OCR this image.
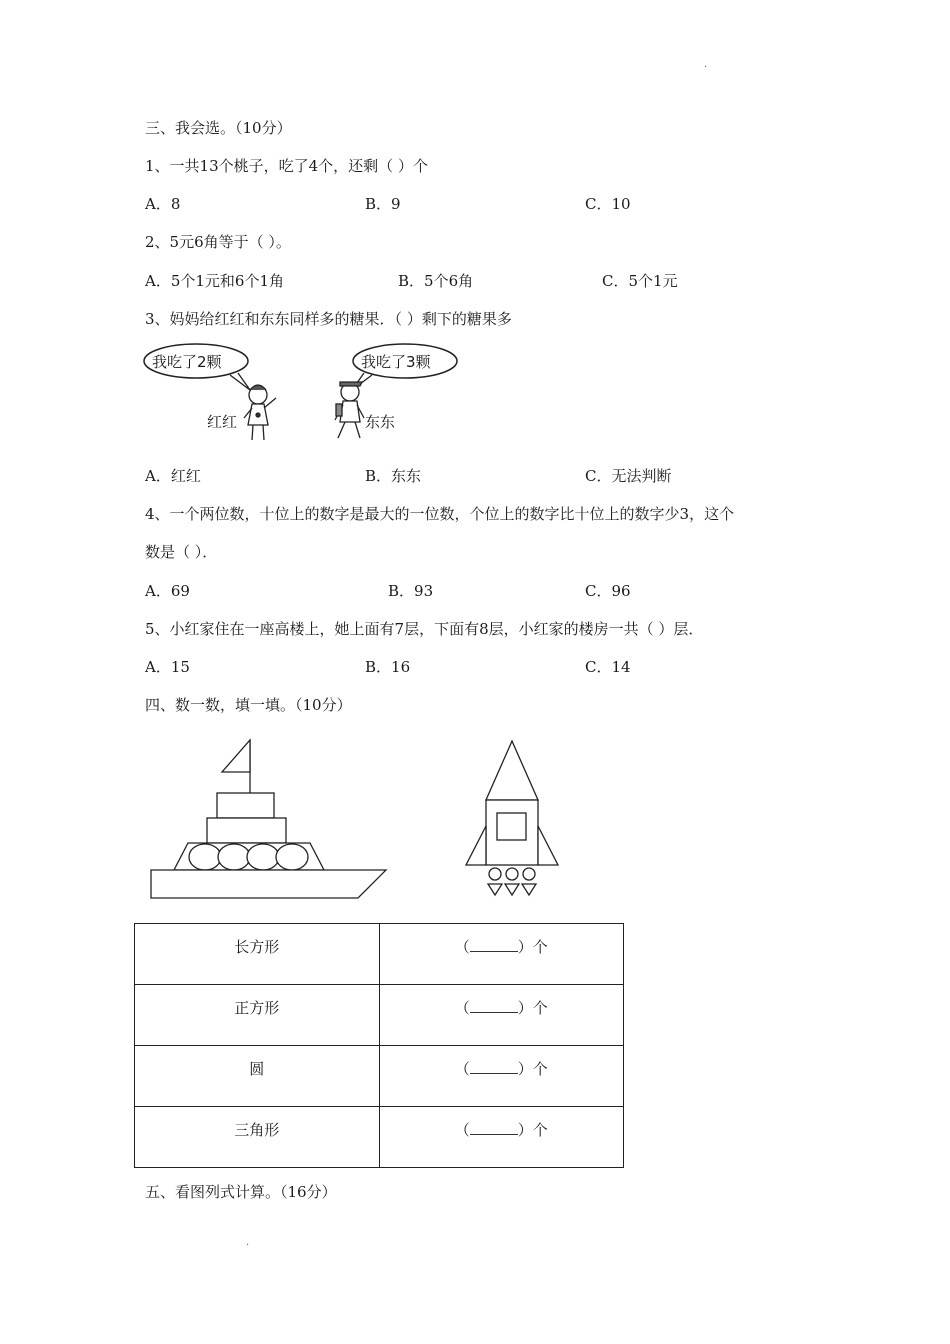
·
三、我会选。（10分）
1、一共13个桃子，吃了4个，还剩（ ）个
A．8	B．9	C．10
2、5元6角等于（ ）。
A．5个1元和6个1角	B．5个6角	C．5个1元
3、妈妈给红红和东东同样多的糖果．（ ）剩下的糖果多
我吃了2颗	我吃了3颗
红红	东东
A．红红	B．东东	C．无法判断
4、一个两位数，十位上的数字是最大的一位数，个位上的数字比十位上的数字少3，这个
数是（ ）．
A．69	B．93	C．96
5、小红家住在一座高楼上，她上面有7层，下面有8层，小红家的楼房一共（ ）层．
A．15	B．16	C．14
四、数一数，填一填。（10分）
长方形	（ ）个
正方形	（ ）个
圆	（ ）个
三角形	（ ）个
五、看图列式计算。（16分）
·
